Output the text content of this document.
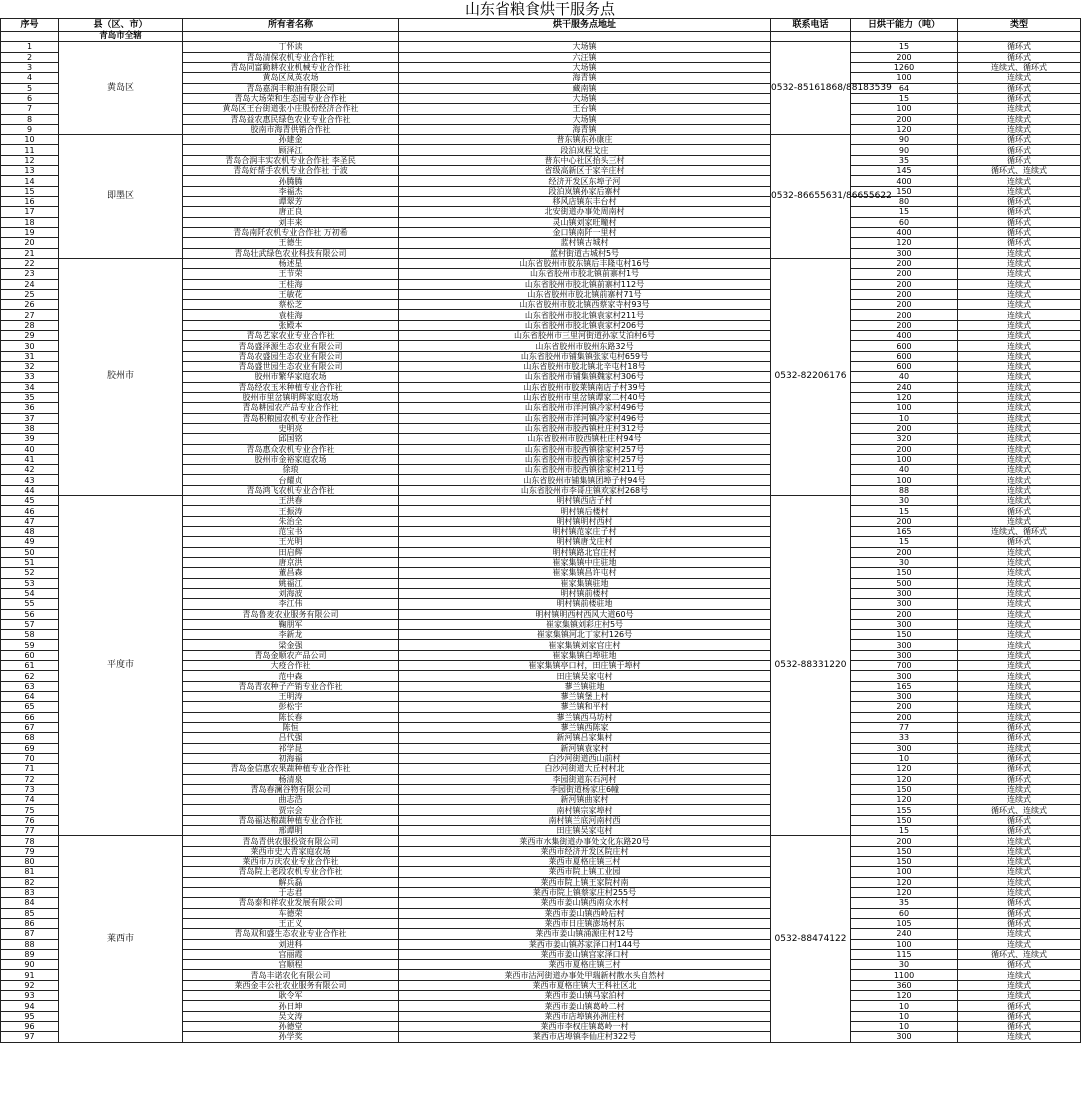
山东省粮食烘干服务点
序号	县（区、市）	所有者名称	烘干服务点地址	联系电话	日烘干能力（吨）	类型
	青岛市全辖					
1	黄岛区	丁怀读	大场镇	0532-85161868/88183539	15	循环式
2		青岛清保农机专业合作社	六汪镇		200	循环式
3		青岛同富勤耕农业机械专业合作社	大场镇		1260	连续式、循环式
4		黄岛区凤英农场	海青镇		100	连续式
5		青岛嘉润丰粮油有限公司	藏南镇		64	循环式
6		青岛大场荣和生态园专业合作社	大场镇		15	循环式
7		黄岛区王台街道张小庄股份经济合作社	王台镇		100	连续式
8		青岛益农惠民绿色农业专业合作社	大场镇		200	连续式
9		胶南市海青供销合作社	海青镇		120	连续式
10	即墨区	孙建金	普东镇东孙康庄	0532-86655631/86655622	90	循环式
11		顾泽江	段泊岚程戈庄		90	循环式
12		青岛合润丰实农机专业合作社 李圣民	普东中心社区抬头三村		35	循环式
13		青岛好帮手农机专业合作社 于波	省级高新区于家辛庄村		145	循环式、连续式
14		孙腾腾	经济开发区东埠子河		400	连续式
15		李福杰	段泊岚镇孙家后寨村		150	连续式
16		谭翠芳	移风店镇东丰台村		80	循环式
17		唐正良	北安街道办事处周南村		15	循环式
18		刘丰来	灵山镇刘家旺疃村		60	循环式
19		青岛南阡农机专业合作社 万初希	金口镇南阡一里村		400	循环式
20		王德生	蓝村镇古城村		120	循环式
21		青岛壮武绿色农业科技有限公司	蓝村街道古城村5号		300	连续式
22	胶州市	杨述星	山东省胶州市胶东镇后丰隆屯村16号	0532-82206176	200	连续式
23		王节荣	山东省胶州市胶北镇前寨村1号		200	连续式
24		王桂海	山东省胶州市胶北镇前寨村112号		200	连续式
25		王敏花	山东省胶州市胶北镇前寨村71号		200	连续式
26		蔡松芝	山东省胶州市胶北镇西蔡家寺村93号		200	连续式
27		袁桂海	山东省胶州市胶北镇袁家村211号		200	连续式
28		张殿本	山东省胶州市胶北镇袁家村206号		200	连续式
29		青岛艺家农业专业合作社	山东省胶州市三里河街道孙家艾泊村6号		400	连续式
30		青岛盛泽源生态农业有限公司	山东省胶州市胶州东路32号		600	连续式
31		青岛农盛园生态农业有限公司	山东省胶州市铺集镇张家屯村659号		600	连续式
32		青岛盛世园生态农业有限公司	山东省胶州市胶北镇北辛屯村18号		600	连续式
33		胶州市繁华家庭农场	山东省胶州市铺集镇魏家村306号		40	连续式
34		青岛经农玉米种植专业合作社	山东省胶州市胶莱镇南店子村39号		240	连续式
35		胶州市里岔镇明辉家庭农场	山东省胶州市里岔镇谭家二村40号		120	连续式
36		青岛耕园农产品专业合作社	山东省胶州市洋河镇冷家村496号		100	连续式
37		青岛积粮园农机专业合作社	山东省胶州市洋河镇冷家村496号		10	连续式
38		史明亮	山东省胶州市胶西镇杜庄村312号		200	连续式
39		邱国铭	山东省胶州市胶西镇杜庄村94号		320	连续式
40		青岛惠众农机专业合作社	山东省胶州市胶西镇徐家村257号		200	连续式
41		胶州市金裕家庭农场	山东省胶州市胶西镇徐家村257号		100	连续式
42		徐琅	山东省胶州市胶西镇徐家村211号		40	连续式
43		台耀贞	山东省胶州市铺集镇团埠子村94号		100	连续式
44		青岛鸿飞农机专业合作社	山东省胶州市李哥庄镇欢家村268号		88	连续式
45	平度市	王洪春	明村镇西店子村	0532-88331220	30	连续式
46		王振涛	明村镇后楼村		15	循环式
47		朱治全	明村镇明村西村		200	连续式
48		范宝书	明村镇范家庄子村		165	连续式、循环式
49		王光明	明村镇唐戈庄村		15	循环式
50		田启辉	明村镇路北官庄村		200	连续式
51		唐京洪	崔家集镇中庄驻地		30	连续式
52		董昌森	崔家集镇昌许屯村		150	连续式
53		姚福江	崔家集镇驻地		500	连续式
54		刘海波	明村镇前楼村		300	连续式
55		李江伟	明村镇前楼驻地		300	连续式
56		青岛鲁麦农业服务有限公司	明村镇明西村西风大道60号		200	连续式
57		鞠朋军	崔家集镇刘彩庄村5号		300	连续式
58		李新龙	崔家集镇河北丁家村126号		150	连续式
59		梁金强	崔家集镇刘家官庄村		300	连续式
60		青岛金顺农产品公司	崔家集镇白埠驻地		300	连续式
61		大疫合作社	崔家集镇亭口村，田庄镇于埠村		700	连续式
62		范中森	田庄镇吴家屯村		300	连续式
63		青岛青农种子产销专业合作社	蓼兰镇驻地		165	连续式
64		王明涛	蓼兰镇堡上村		300	连续式
65		彭松宇	蓼兰镇和平村		200	连续式
66		陈长春	蓼兰镇西马坊村		200	连续式
67		陈恒	蓼兰镇西陈家		77	循环式
68		吕代强	新河镇吕家集村		33	循环式
69		祁学昆	新河镇袁家村		300	连续式
70		初海福	白沙河街道西山前村		10	循环式
71		青岛金信惠农果蔬种植专业合作社	白沙河街道大丘村村北		120	循环式
72		杨清泉	李园街道东石河村		120	循环式
73		青岛春澜谷物有限公司	李园街道杨家庄6幢		150	连续式
74		曲志浩	新河镇曲家村		120	连续式
75		贾宗会	南村镇宗家埠村		155	循环式、连续式
76		青岛福达粮蔬种植专业合作社	南村镇兰底河南村西		150	循环式
77		邢谭明	田庄镇吴家屯村		15	循环式
78	莱西市	青岛青供农服投资有限公司	莱西市水集街道办事处文化东路20号	0532-88474122	200	连续式
79		莱西市史大青家庭农场	莱西市经济开发区院庄村		150	连续式
80		莱西市万庆农业专业合作社	莱西市夏格庄镇三村		150	连续式
81		青岛院上老段农机专业合作社	莱西市院上镇工业园		100	连续式
82		解兵磊	莱西市院上镇王家院村南		120	连续式
83		于志君	莱西市院上镇蔡家庄村255号		120	连续式
84		青岛泰和祥农业发展有限公司	莱西市姜山镇西南众水村		35	循环式
85		车德荣	莱西市姜山镇西岭后村		60	循环式
86		王正义	莱西市日庄镇澎场村东		105	循环式
87		青岛双和盛生态农业专业合作社	莱西市姜山镇涌源庄村12号		240	连续式
88		刘进科	莱西市姜山镇苏家泽口村144号		100	连续式
89		宫丽霞	莱西市姜山镇宫家泽口村		115	循环式、连续式
90		宫顺程	莱西市夏格庄镇三村		30	循环式
91		青岛丰诺农化有限公司	莱西市沽河街道办事处甲瑞新村散水头自然村		1100	连续式
92		莱西金丰公社农业服务有限公司	莱西市夏格庄镇大王科社区北		360	连续式
93		耿令军	莱西市姜山镇马家泊村		120	连续式
94		孙日坤	莱西市姜山镇葛岭二村		10	循环式
95		吴文涛	莱西市店埠镇孙洲庄村		10	循环式
96		孙德堂	莱西市李权庄镇葛岭一村		10	循环式
97		孙学奖	莱西市店埠镇李仙庄村322号		300	连续式
